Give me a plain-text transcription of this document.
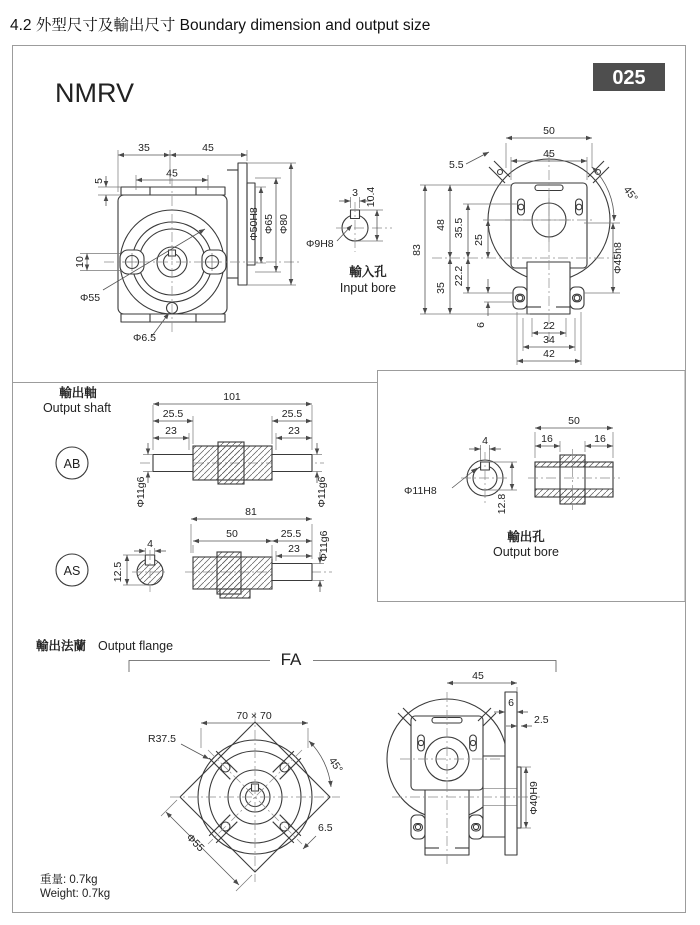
4.2 外型尺寸及輸出尺寸 Boundary dimension and output size
NMRV	025
35	45
45
5
10
Φ55
Φ6.5
Φ50H8 Φ65 Φ80
3 10.4
Φ9H8
輸入孔
Input bore
50
45
5.5
45°
83
48
35
35.5
25
22.2
6
Φ45h8
22
34
42
輸出軸
Output shaft
AB
101
25.5	25.5
23	23
Φ11g6	Φ11g6
AS
4
12.5
81
50	25.5
23 Φ11g6
4
Φ11H8
12.8
50
16	16
輸出孔
Output bore
輸出法蘭 Output flange
FA
70 × 70
R37.5
45°
Φ55
6.5
45
6
2.5
Φ40H9
重量: 0.7kg
Weight: 0.7kg
